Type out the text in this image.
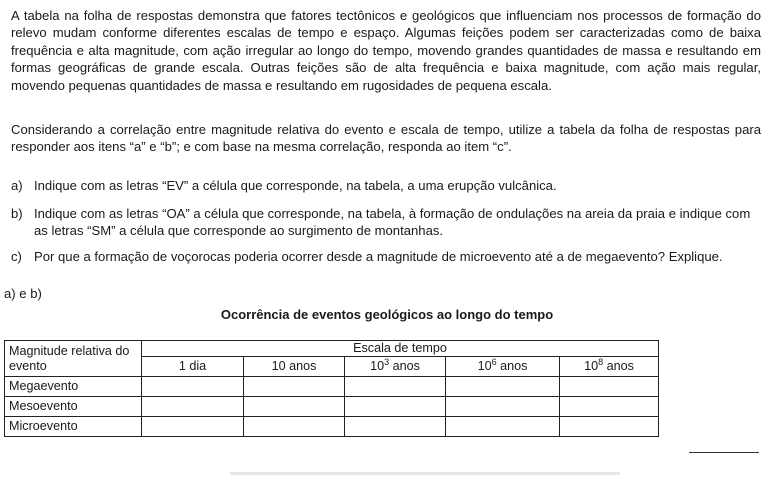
A tabela na folha de respostas demonstra que fatores tectônicos e geológicos que influenciam nos processos de formação do relevo mudam conforme diferentes escalas de tempo e espaço. Algumas feições podem ser caracterizadas como de baixa frequência e alta magnitude, com ação irregular ao longo do tempo, movendo grandes quantidades de massa e resultando em formas geográficas de grande escala. Outras feições são de alta frequência e baixa magnitude, com ação mais regular, movendo pequenas quantidades de massa e resultando em rugosidades de pequena escala.

Considerando a correlação entre magnitude relativa do evento e escala de tempo, utilize a tabela da folha de respostas para responder aos itens “a” e “b”; e com base na mesma correlação, responda ao item “c”.

a) Indique com as letras “EV” a célula que corresponde, na tabela, a uma erupção vulcânica.
b) Indique com as letras “OA” a célula que corresponde, na tabela, à formação de ondulações na areia da praia e indique com
as letras “SM” a célula que corresponde ao surgimento de montanhas.
c) Por que a formação de voçorocas poderia ocorrer desde a magnitude de microevento até a de megaevento? Explique.
a) e b)
Ocorrência de eventos geológicos ao longo do tempo
Magnitude relativa do evento	Escala de tempo				
	1 dia	10 anos	$10^3$ anos	$10^6$ anos	$10^8$ anos
Megaevento					
Mesoevento					
Microevento					
